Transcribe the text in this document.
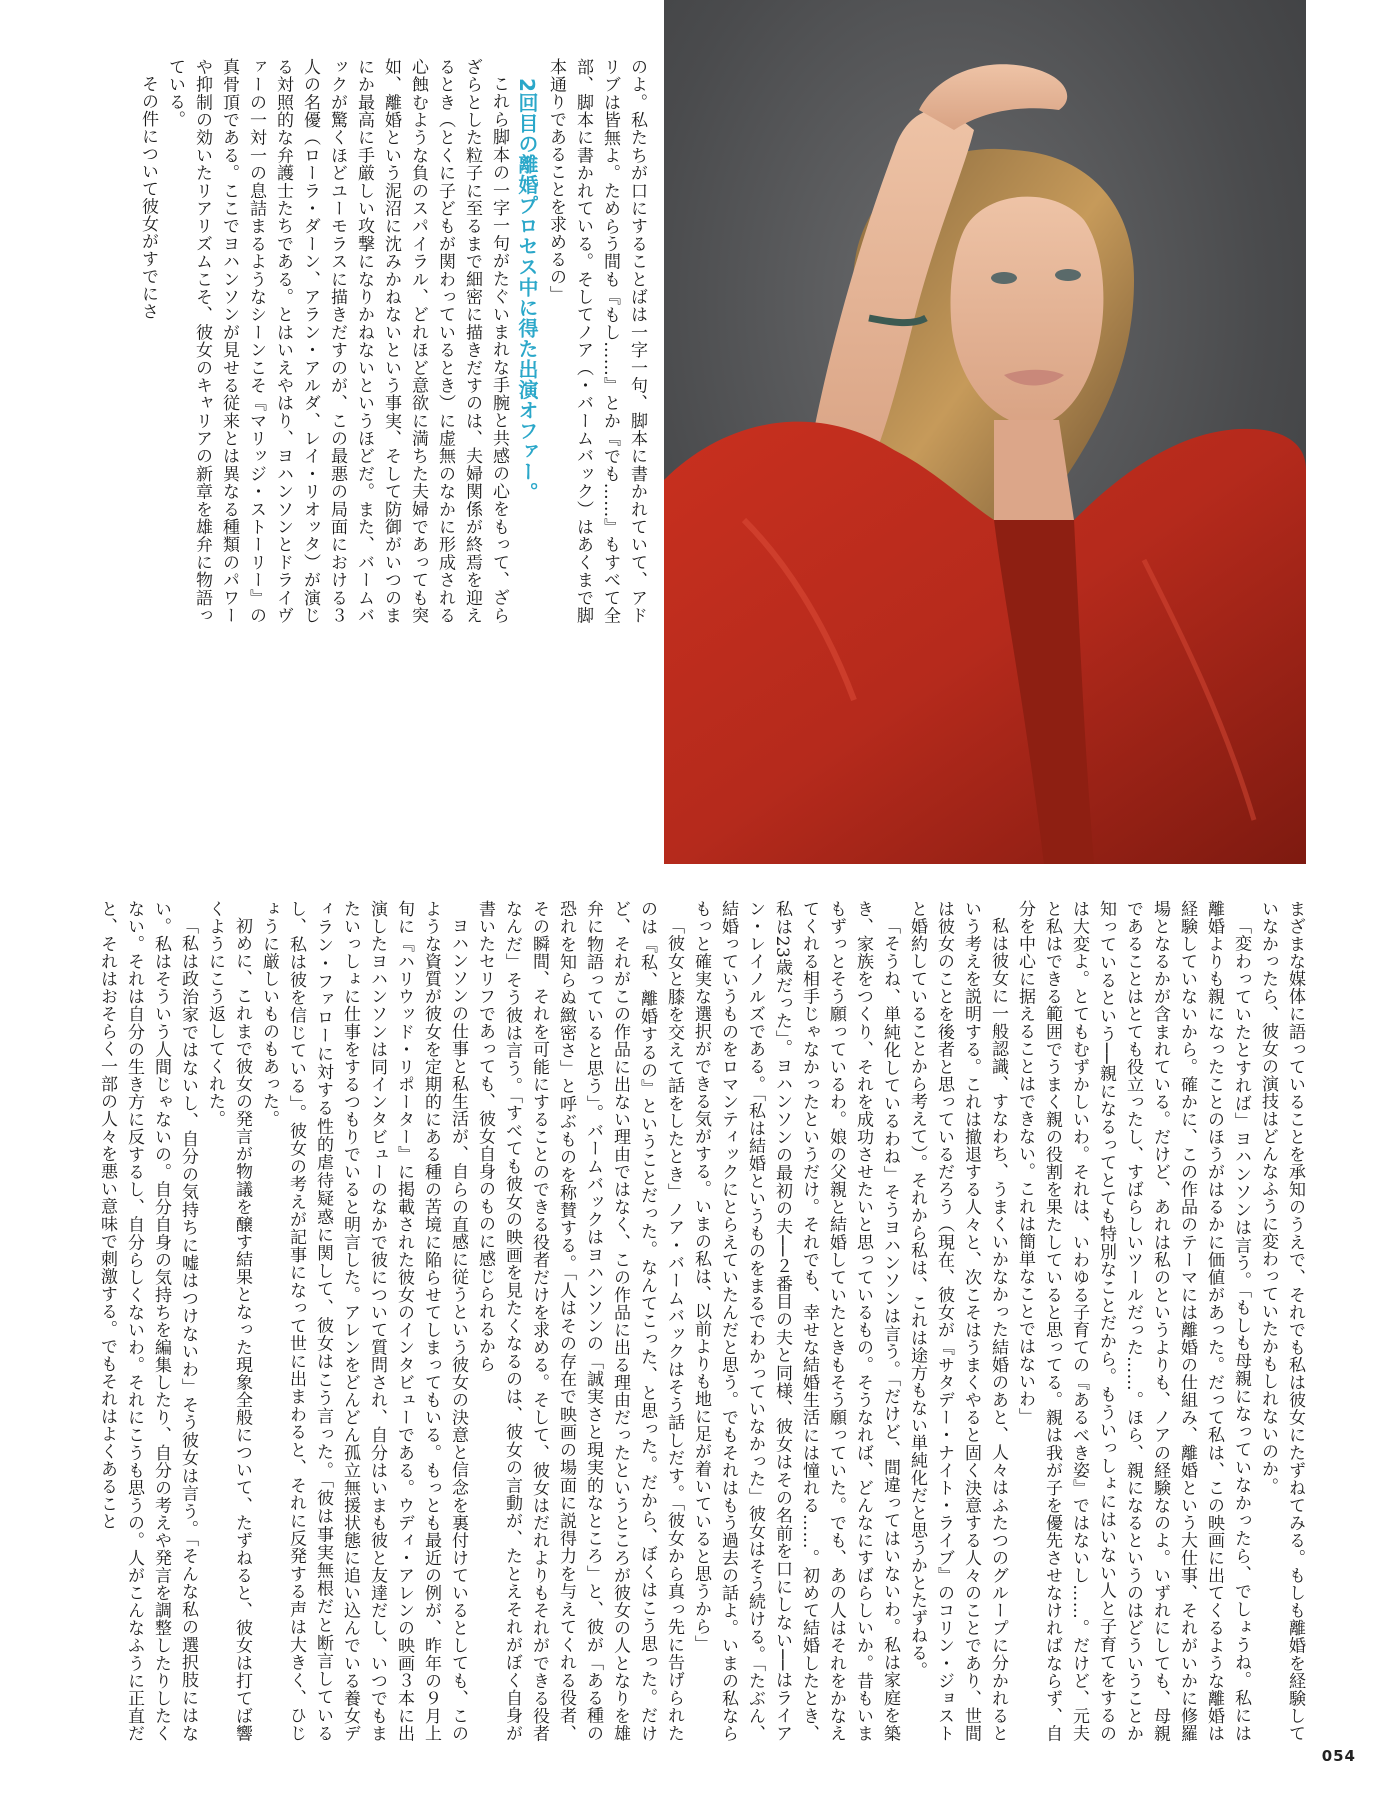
のよ。私たちが口にすることばは一字一句、脚本に書かれていて、アドリブは皆無よ。ためらう間も『もし……』とか『でも……』もすべて全部、脚本に書かれている。そしてノア（・バームバック）はあくまで脚本通りであることを求めるの」

2回目の離婚プロセス中に得た出演オファー。

これら脚本の一字一句がたぐいまれな手腕と共感の心をもって、ざらざらとした粒子に至るまで細密に描きだすのは、夫婦関係が終焉を迎えるとき（とくに子どもが関わっているとき）に虚無のなかに形成される心蝕むような負のスパイラル、どれほど意欲に満ちた夫婦であっても突如、離婚という泥沼に沈みかねないという事実、そして防御がいつのまにか最高に手厳しい攻撃になりかねないというほどだ。また、バームバックが驚くほどユーモラスに描きだすのが、この最悪の局面における３人の名優（ローラ・ダーン、アラン・アルダ、レイ・リオッタ）が演じる対照的な弁護士たちである。とはいえやはり、ヨハンソンとドライヴァーの一対一の息詰まるようなシーンこそ『マリッジ・ストーリー』の真骨頂である。ここでヨハンソンが見せる従来とは異なる種類のパワーや抑制の効いたリアリズムこそ、彼女のキャリアの新章を雄弁に物語っている。

その件について彼女がすでにさ

まざまな媒体に語っていることを承知のうえで、それでも私は彼女にたずねてみる。もしも離婚を経験していなかったら、彼女の演技はどんなふうに変わっていたかもしれないのか。

「変わっていたとすれば」ヨハンソンは言う。「もしも母親になっていなかったら、でしょうね。私には離婚よりも親になったことのほうがはるかに価値があった。だって私は、この映画に出てくるような離婚は経験していないから。確かに、この作品のテーマには離婚の仕組み、離婚という大仕事、それがいかに修羅場となるかが含まれている。だけど、あれは私のというよりも、ノアの経験なのよ。いずれにしても、母親であることはとても役立ったし、すばらしいツールだった……。ほら、親になるというのはどういうことか知っているという──親になるってとても特別なことだから。もういっしょにはいない人と子育てをするのは大変よ。とてもむずかしいわ。それは、いわゆる子育ての『あるべき姿』ではないし……。だけど、元夫と私はできる範囲でうまく親の役割を果たしていると思ってる。親は我が子を優先させなければならず、自分を中心に据えることはできない。これは簡単なことではないわ」

私は彼女に一般認識、すなわち、うまくいかなかった結婚のあと、人々はふたつのグループに分かれるという考えを説明する。これは撤退する人々と、次こそはうまくやると固く決意する人々のことであり、世間は彼女のことを後者と思っているだろう（現在、彼女が『サタデー・ナイト・ライブ』のコリン・ジョストと婚約していることから考えて）。それから私は、これは途方もない単純化だと思うかとたずねる。

「そうね、単純化しているわね」そうヨハンソンは言う。「だけど、間違ってはいないわ。私は家庭を築き、家族をつくり、それを成功させたいと思っているもの。そうなれば、どんなにすばらしいか。昔もいまもずっとそう願っているわ。娘の父親と結婚していたときもそう願っていた。でも、あの人はそれをかなえてくれる相手じゃなかったというだけ。それでも、幸せな結婚生活には憧れる……。初めて結婚したとき、私は23歳だった」。ヨハンソンの最初の夫──２番目の夫と同様、彼女はその名前を口にしない──はライアン・レイノルズである。「私は結婚というものをまるでわかっていなかった」彼女はそう続ける。「たぶん、結婚っていうものをロマンティックにとらえていたんだと思う。でもそれはもう過去の話よ。いまの私ならもっと確実な選択ができる気がする。いまの私は、以前よりも地に足が着いていると思うから」

「彼女と膝を交えて話をしたとき」ノア・バームバックはそう話しだす。「彼女から真っ先に告げられたのは『私、離婚するの』ということだった。なんてこった、と思った。だから、ぼくはこう思った。だけど、それがこの作品に出ない理由ではなく、この作品に出る理由だったというところが彼女の人となりを雄弁に物語っていると思う」。バームバックはヨハンソンの「誠実さと現実的なところ」と、彼が「ある種の恐れを知らぬ緻密さ」と呼ぶものを称賛する。「人はその存在で映画の場面に説得力を与えてくれる役者、その瞬間、それを可能にすることのできる役者だけを求める。そして、彼女はだれよりもそれができる役者なんだ」そう彼は言う。「すべても彼女の映画を見たくなるのは、彼女の言動が、たとえそれがぼく自身が書いたセリフであっても、彼女自身のものに感じられるから

ヨハンソンの仕事と私生活が、自らの直感に従うという彼女の決意と信念を裏付けているとしても、このような資質が彼女を定期的にある種の苦境に陥らせてしまってもいる。もっとも最近の例が、昨年の９月上旬に『ハリウッド・リポーター』に掲載された彼女のインタビューである。ウディ・アレンの映画３本に出演したヨハンソンは同インタビューのなかで彼について質問され、自分はいまも彼と友達だし、いつでもまたいっしょに仕事をするつもりでいると明言した。アレンをどんどん孤立無援状態に追い込んでいる養女ディラン・ファローに対する性的虐待疑惑に関して、彼女はこう言った。「彼は事実無根だと断言しているし、私は彼を信じている」。彼女の考えが記事になって世に出まわると、それに反発する声は大きく、ひじょうに厳しいものもあった。

初めに、これまで彼女の発言が物議を醸す結果となった現象全般について、たずねると、彼女は打てば響くようにこう返してくれた。

「私は政治家ではないし、自分の気持ちに嘘はつけないわ」そう彼女は言う。「そんな私の選択肢にはない。私はそういう人間じゃないの。自分自身の気持ちを編集したり、自分の考えや発言を調整したりしたくない。それは自分の生き方に反するし、自分らしくないわ。それにこうも思うの。人がこんなふうに正直だと、それはおそらく一部の人々を悪い意味で刺激する。でもそれはよくあること

054
